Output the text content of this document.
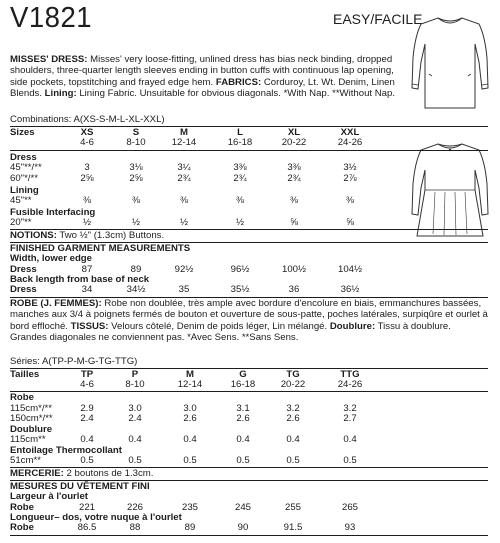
V1821	EASY/FACILE
MISSES' DRESS: Misses' very loose-fitting, unlined dress has bias neck binding, dropped shoulders, three-quarter length sleeves ending in button cuffs with continuous lap opening, side pockets, topstitching and frayed edge hem. FABRICS: Corduroy, Lt. Wt. Denim, Linen Blends. Lining: Lining Fabric. Unsuitable for obvious diagonals. *With Nap. **Without Nap.
Combinations: A(XS-S-M-L-XL-XXL)
Sizes	XS	S	M	L	XL	XXL
4-6	8-10	12-14	16-18	20-22	24-26
Dress
45"**/**	3	3⅛	3¼	3⅜	3⅜	3½
60"*/**	2⅝	2⅝	2¾	2¾	2¾	2⅞
Lining
45"**	⅜	⅜	⅜	⅜	⅜	⅜
Fusible Interfacing
20"**	½	½	½	½	⅝	⅝
NOTIONS: Two ½" (1.3cm) Buttons.
FINISHED GARMENT MEASUREMENTS
Width, lower edge
Dress	87	89	92½	96½	100½	104½
Back length from base of neck
Dress	34	34½	35	35½	36	36½
ROBE (J. FEMMES): Robe non doublée, très ample avec bordure d'encolure en biais, emmanchures bassées, manches aux 3/4 à poignets fermés de bouton et ouverture de sous-patte, poches latérales, surpiqûre et ourlet à bord effloché. TISSUS: Velours côtelé, Denim de poids léger, Lin mélangé. Doublure: Tissu à doublure. Grandes diagonales ne conviennent pas. *Avec Sens. **Sans Sens.
Séries: A(TP-P-M-G-TG-TTG)
Tailles	TP	P	M	G	TG	TTG
4-6	8-10	12-14	16-18	20-22	24-26
Robe
115cm*/**	2.9	3.0	3.0	3.1	3.2	3.2
150cm*/**	2.4	2.4	2.6	2.6	2.6	2.7
Doublure
115cm**	0.4	0.4	0.4	0.4	0.4	0.4
Entoilage Thermocollant
51cm**	0.5	0.5	0.5	0.5	0.5	0.5
MERCERIE: 2 boutons de 1.3cm.
MESURES DU VÊTEMENT FINI
Largeur à l'ourlet
Robe	221	226	235	245	255	265
Longueur– dos, votre nuque à l'ourlet
Robe	86.5	88	89	90	91.5	93
